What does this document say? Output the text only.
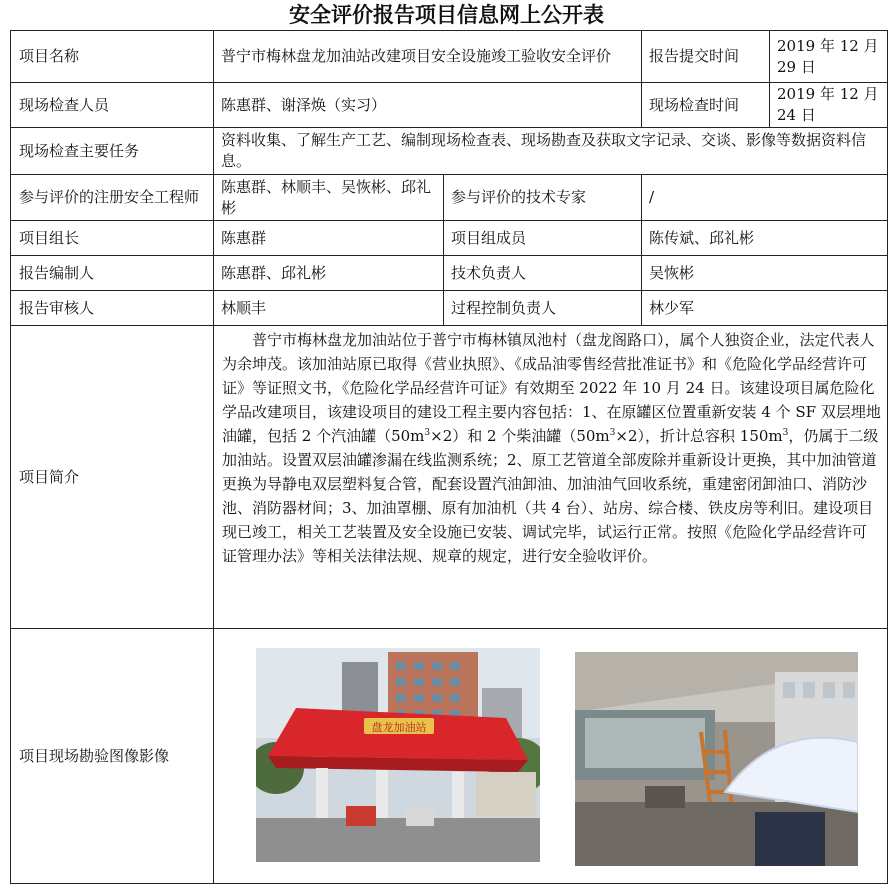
安全评价报告项目信息网上公开表
项目名称	普宁市梅林盘龙加油站改建项目安全设施竣工验收安全评价		报告提交时间	2019 年 12 月 29 日
现场检查人员	陈惠群、谢泽焕（实习）		现场检查时间	2019 年 12 月 24 日
现场检查主要任务	资料收集、了解生产工艺、编制现场检查表、现场勘查及获取文字记录、交谈、影像等数据资料信息。			
参与评价的注册安全工程师	陈惠群、林顺丰、吴恢彬、邱礼彬	参与评价的技术专家	/	
项目组长	陈惠群	项目组成员	陈传斌、邱礼彬	
报告编制人	陈惠群、邱礼彬	技术负责人	吴恢彬	
报告审核人	林顺丰	过程控制负责人	林少军	
项目简介	普宁市梅林盘龙加油站位于普宁市梅林镇凤池村（盘龙阁路口），属个人独资企业，法定代表人为余坤茂。该加油站原已取得《营业执照》、《成品油零售经营批准证书》和《危险化学品经营许可证》等证照文书，《危险化学品经营许可证》有效期至 2022 年 10 月 24 日。该建设项目属危险化学品改建项目，该建设项目的建设工程主要内容包括：1、在原罐区位置重新安装 4 个 SF 双层埋地油罐，包括 2 个汽油罐$(50m^3\times 2)$和 2 个柴油罐$(50m^3\times 2)$，折计总容积 $150m^3$，仍属于二级加油站。设置双层油罐渗漏在线监测系统；2、原工艺管道全部废除并重新设计更换，其中加油管道更换为导静电双层塑料复合管，配套设置汽油卸油、加油油气回收系统，重建密闭卸油口、消防沙池、消防器材间；3、加油罩棚、原有加油机（共 4 台）、站房、综合楼、铁皮房等利旧。建设项目现已竣工，相关工艺装置及安全设施已安装、调试完毕，试运行正常。按照《危险化学品经营许可证管理办法》等相关法律法规、规章的规定，进行安全验收评价。			
项目现场勘验图像影像	盘龙加油站			
